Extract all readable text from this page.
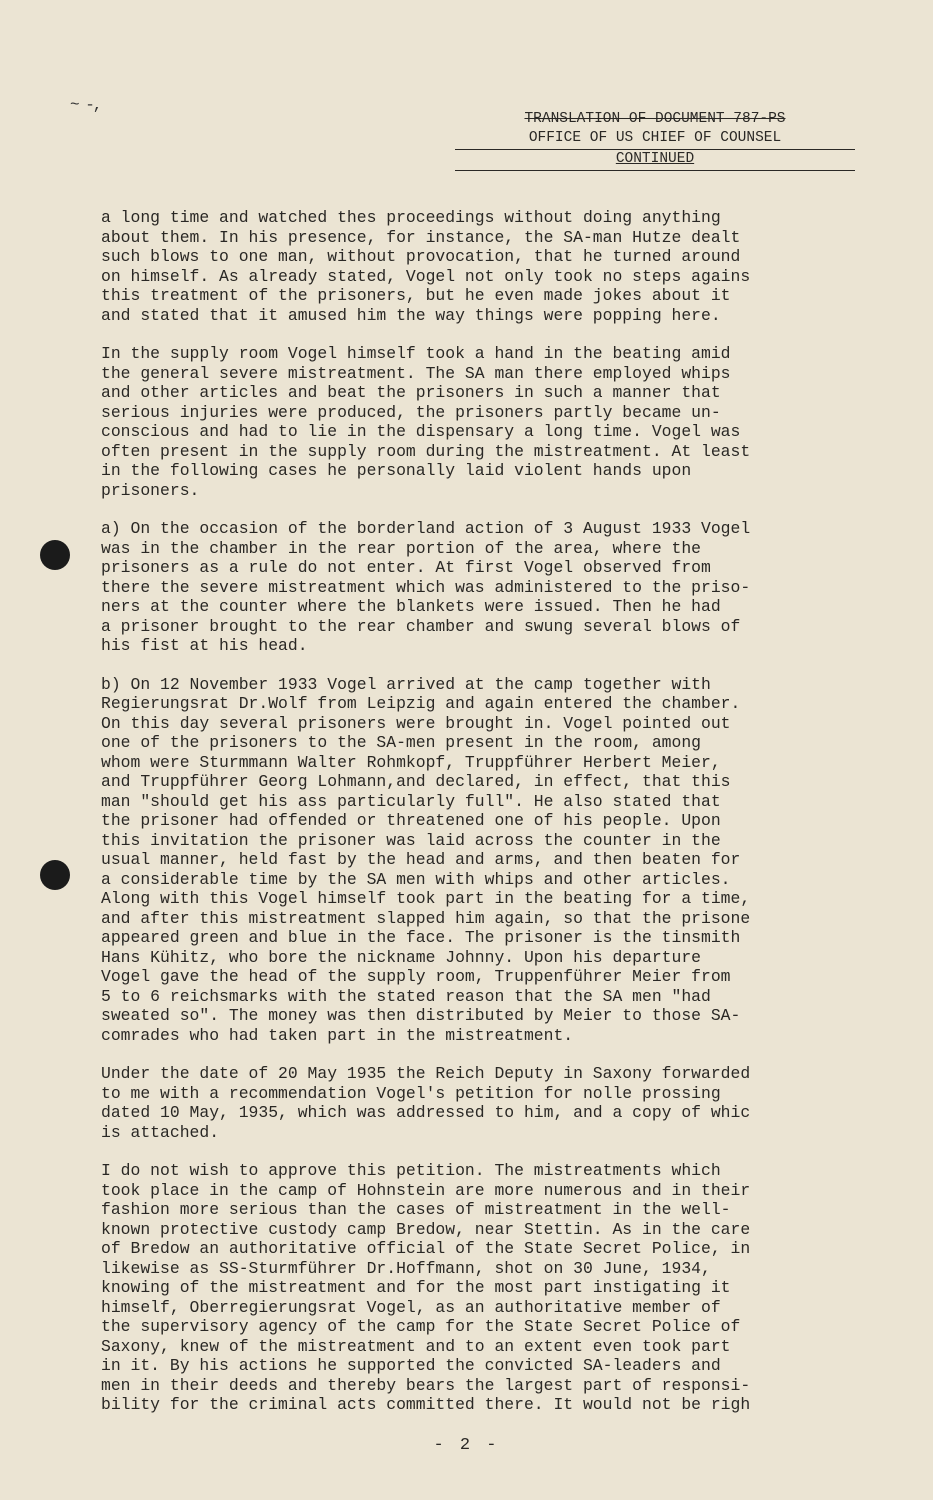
~ -,
TRANSLATION OF DOCUMENT 787-PS
OFFICE OF US CHIEF OF COUNSEL
CONTINUED
a long time and watched thes proceedings without doing anything
about them. In his presence, for instance, the SA-man Hutze dealt
such blows to one man, without provocation, that he turned around
on himself. As already stated, Vogel not only took no steps agains
this treatment of the prisoners, but he even made jokes about it
and stated that it amused him the way things were popping here.
In the supply room Vogel himself took a hand in the beating amid
the general severe mistreatment. The SA man there employed whips
and other articles and beat the prisoners in such a manner that
serious injuries were produced, the prisoners partly became un-
conscious and had to lie in the dispensary a long time. Vogel was
often present in the supply room during the mistreatment. At least
in the following cases he personally laid violent hands upon
prisoners.
a) On the occasion of the borderland action of 3 August 1933 Vogel
was in the chamber in the rear portion of the area, where the
prisoners as a rule do not enter. At first Vogel observed from
there the severe mistreatment which was administered to the priso-
ners at the counter where the blankets were issued. Then he had
a prisoner brought to the rear chamber and swung several blows of
his fist at his head.
b) On 12 November 1933 Vogel arrived at the camp together with
Regierungsrat Dr.Wolf from Leipzig and again entered the chamber.
On this day several prisoners were brought in. Vogel pointed out
one of the prisoners to the SA-men present in the room, among
whom were Sturmmann Walter Rohmkopf, Truppführer Herbert Meier,
and Truppführer Georg Lohmann,and declared, in effect, that this
man "should get his ass particularly full". He also stated that
the prisoner had offended or threatened one of his people. Upon
this invitation the prisoner was laid across the counter in the
usual manner, held fast by the head and arms, and then beaten for
a considerable time by the SA men with whips and other articles.
Along with this Vogel himself took part in the beating for a time,
and after this mistreatment slapped him again, so that the prisone
appeared green and blue in the face. The prisoner is the tinsmith
Hans Kühitz, who bore the nickname Johnny. Upon his departure
Vogel gave the head of the supply room, Truppenführer Meier from
5 to 6 reichsmarks with the stated reason that the SA men "had
sweated so". The money was then distributed by Meier to those SA-
comrades who had taken part in the mistreatment.
Under the date of 20 May 1935 the Reich Deputy in Saxony forwarded
to me with a recommendation Vogel's petition for nolle prossing
dated 10 May, 1935, which was addressed to him, and a copy of whic
is attached.
I do not wish to approve this petition. The mistreatments which
took place in the camp of Hohnstein are more numerous and in their
fashion more serious than the cases of mistreatment in the well-
known protective custody camp Bredow, near Stettin. As in the care
of Bredow an authoritative official of the State Secret Police, in
likewise as SS-Sturmführer Dr.Hoffmann, shot on 30 June, 1934,
knowing of the mistreatment and for the most part instigating it
himself, Oberregierungsrat Vogel, as an authoritative member of
the supervisory agency of the camp for the State Secret Police of
Saxony, knew of the mistreatment and to an extent even took part
in it. By his actions he supported the convicted SA-leaders and
men in their deeds and thereby bears the largest part of responsi-
bility for the criminal acts committed there. It would not be righ
- 2 -
